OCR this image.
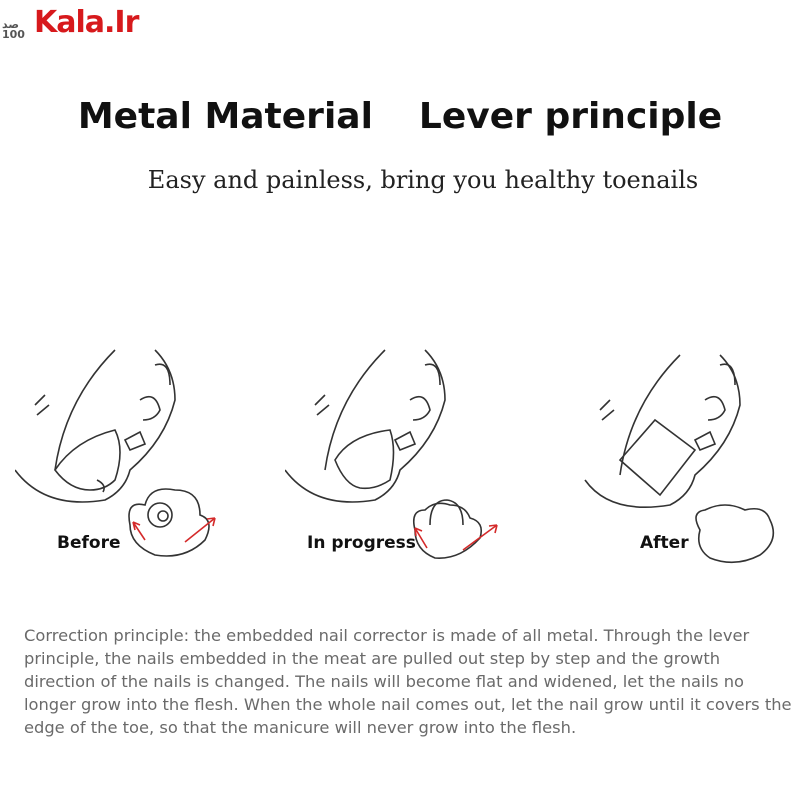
صد 100 Kala.Ir
Metal Material Lever principle
Easy and painless, bring you healthy toenails
Before	In progress	After
Correction principle: the embedded nail corrector is made of all metal. Through the lever principle, the nails embedded in the meat are pulled out step by step and the growth direction of the nails is changed. The nails will become flat and widened, let the nails no longer grow into the flesh. When the whole nail comes out, let the nail grow until it covers the edge of the toe, so that the manicure will never grow into the flesh.
